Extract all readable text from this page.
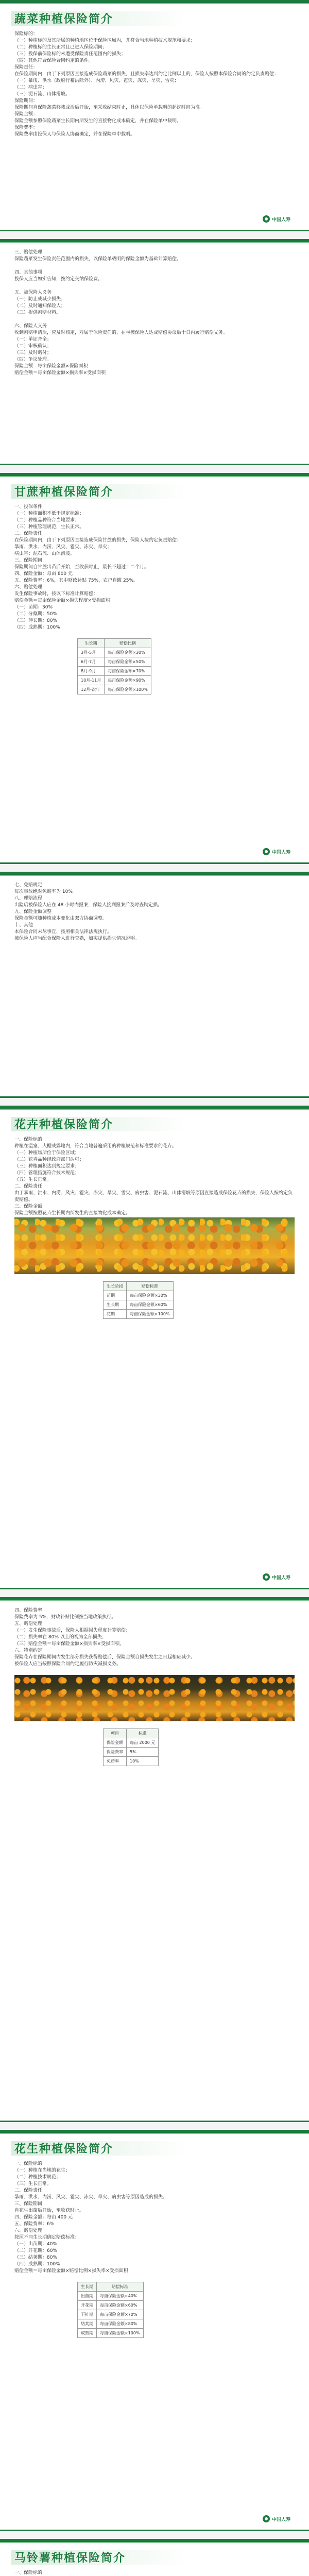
蔬菜种植保险简介
保险标的：
（一）种植标的及其所属的种植地区位于保险区域内，并符合当地种植技术规范和要求；
（二）种植标的生长正常且已进入保险期间；
（三）投保前保险标的未遭受保险责任范围内的损失；
（四）其他符合保险合同约定的条件。
保险责任：
在保险期间内，由于下列原因直接造成保险蔬菜的损失，且损失率达到约定比例以上的，保险人按照本保险合同的约定负责赔偿：
（一）暴雨、洪水（政府行蓄洪除外）、内涝、风灾、雹灾、冻灾、旱灾、雪灾；
（二）病虫害；
（三）泥石流、山体滑坡。
保险期间：
保险期间自保险蔬菜移栽成活后开始，至采收结束时止，具体以保险单载明的起讫时间为准。
保险金额：
保险金额参照保险蔬菜生长期内所发生的直接物化成本确定，并在保险单中载明。
保险费率：
保险费率由投保人与保险人协商确定，并在保险单中载明。
中国人寿
三、赔偿处理
保险蔬菜发生保险责任范围内的损失，以保险单载明的保险金额为基础计算赔偿。

四、其他事项
投保人应当如实告知，按约定交纳保险费。

五、被保险人义务
（一）防止或减少损失；
（二）及时通知保险人；
（三）提供索赔材料。

六、保险人义务
收到索赔申请后，应及时核定，对属于保险责任的，在与被保险人达成赔偿协议后十日内履行赔偿义务。
（一）单证齐全；
（二）审核确认；
（三）及时赔付；
（四）争议处理。
保险金额＝每亩保险金额×保险面积
赔偿金额＝每亩保险金额×损失率×受损面积
甘蔗种植保险简介
一、投保条件
（一）种植面积不低于规定标准；
（二）种植品种符合当地要求；
（三）种植管理规范，生长正常。
二、保险责任
在保险期间内，由于下列原因直接造成保险甘蔗的损失，保险人按约定负责赔偿：
暴雨、洪水、内涝、风灾、雹灾、冻灾、旱灾；
病虫害；泥石流、山体滑坡。
三、保险期间
保险期间自甘蔗出苗后开始，至收获时止，最长不超过十二个月。
四、保险金额：每亩 800 元
五、保险费率：6%，其中财政补贴 75%，农户自缴 25%。
六、赔偿处理
发生保险事故时，按以下标准计算赔偿：
赔偿金额＝每亩保险金额×损失程度×受损面积
（一）苗期：30%
（二）分蘖期：50%
（三）伸长期：80%
（四）成熟期：100%
生长期	赔偿比例
3月-5月	每亩保险金额×30%
6月-7月	每亩保险金额×50%
8月-9月	每亩保险金额×70%
10月-11月	每亩保险金额×90%
12月-次年	每亩保险金额×100%
中国人寿
七、免赔规定
每次事故绝对免赔率为 10%。
八、理赔流程
出险后被保险人应在 48 小时内报案，保险人接到报案后及时查勘定损。
九、保险金额调整
保险金额可随种植成本变化由双方协商调整。
十、其他
本保险合同未尽事宜，按照相关法律法规执行。
被保险人应当配合保险人进行查勘，如实提供损失情况说明。
花卉种植保险简介
一、保险标的
种植在温室、大棚或露地内，符合当地普遍采用的种植规范和标准要求的花卉。
（一）种植场所位于保险区域；
（二）花卉品种经政府部门认可；
（三）种植面积达到规定要求；
（四）管理措施符合技术规范；
（五）生长正常。
二、保险责任
由于暴雨、洪水、内涝、风灾、雹灾、冻灾、旱灾、雪灾、病虫害、泥石流、山体滑坡等原因直接造成保险花卉的损失，保险人按约定负责赔偿。
三、保险金额
保险金额按照花卉生长期内所发生的直接物化成本确定。
生长阶段	赔偿标准
苗期	每亩保险金额×30%
生长期	每亩保险金额×60%
花期	每亩保险金额×100%
中国人寿
四、保险费率
保险费率为 5%，财政补贴比例按当地政策执行。
五、赔偿处理
（一）发生保险事故后，保险人根据损失程度计算赔偿；
（二）损失率在 80% 以上的视为全部损失；
（三）赔偿金额＝每亩保险金额×损失率×受损面积。
六、特别约定
保险花卉在保险期间内发生部分损失获得赔偿后，保险金额自损失发生之日起相应减少。
被保险人应当按照保险合同约定履行防灾减损义务。
项目	标准
保险金额	每亩 2000 元
保险费率	5%
免赔率	10%
花生种植保险简介
一、保险标的
（一）种植在当地的花生；
（二）种植技术规范；
（三）生长正常。
二、保险责任
暴雨、洪水、内涝、风灾、雹灾、冻灾、旱灾、病虫害等原因造成的损失。
三、保险期间
自花生出苗后开始，至收获时止。
四、保险金额：每亩 400 元
五、保险费率：6%
六、赔偿处理
按照不同生长期确定赔偿标准：
（一）出苗期：40%
（二）开花期：60%
（三）结荚期：80%
（四）成熟期：100%
赔偿金额＝每亩保险金额×赔偿比例×损失率×受损面积
生长期	赔偿标准
出苗期	每亩保险金额×40%
开花期	每亩保险金额×60%
下针期	每亩保险金额×70%
结荚期	每亩保险金额×80%
成熟期	每亩保险金额×100%
中国人寿
马铃薯种植保险简介
一、保险标的
